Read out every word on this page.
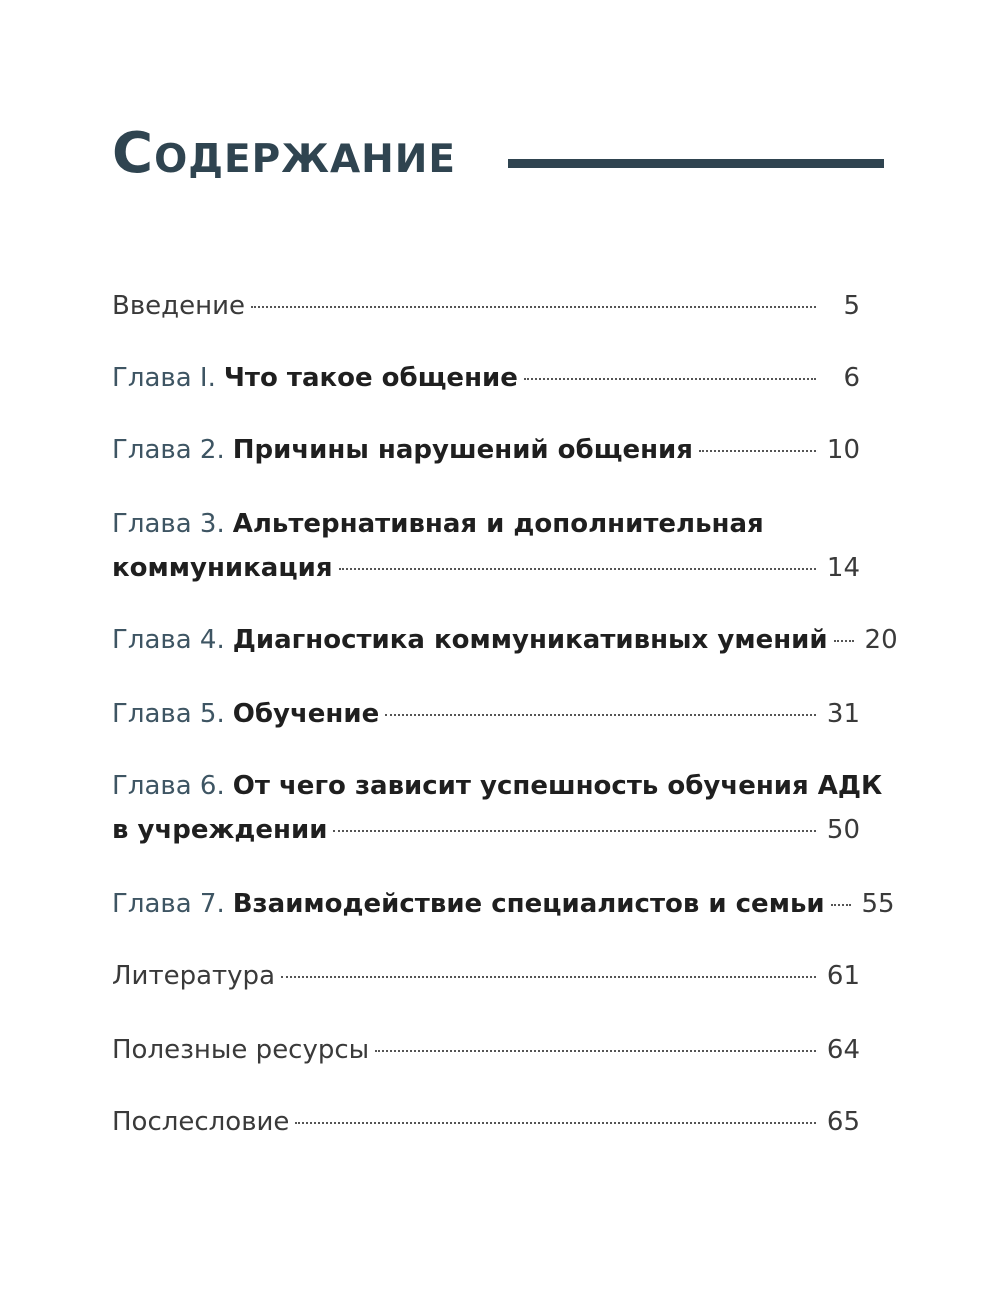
Содержание
Введение	5
Глава I. Что такое общение	6
Глава 2. Причины нарушений общения	10
Глава 3. Альтернативная и дополнительная
коммуникация	14
Глава 4. Диагностика коммуникативных умений 20
Глава 5. Обучение	31
Глава 6. От чего зависит успешность обучения АДК
в учреждении	50
Глава 7. Взаимодействие специалистов и семьи 55
Литература	61
Полезные ресурсы	64
Послесловие	65
